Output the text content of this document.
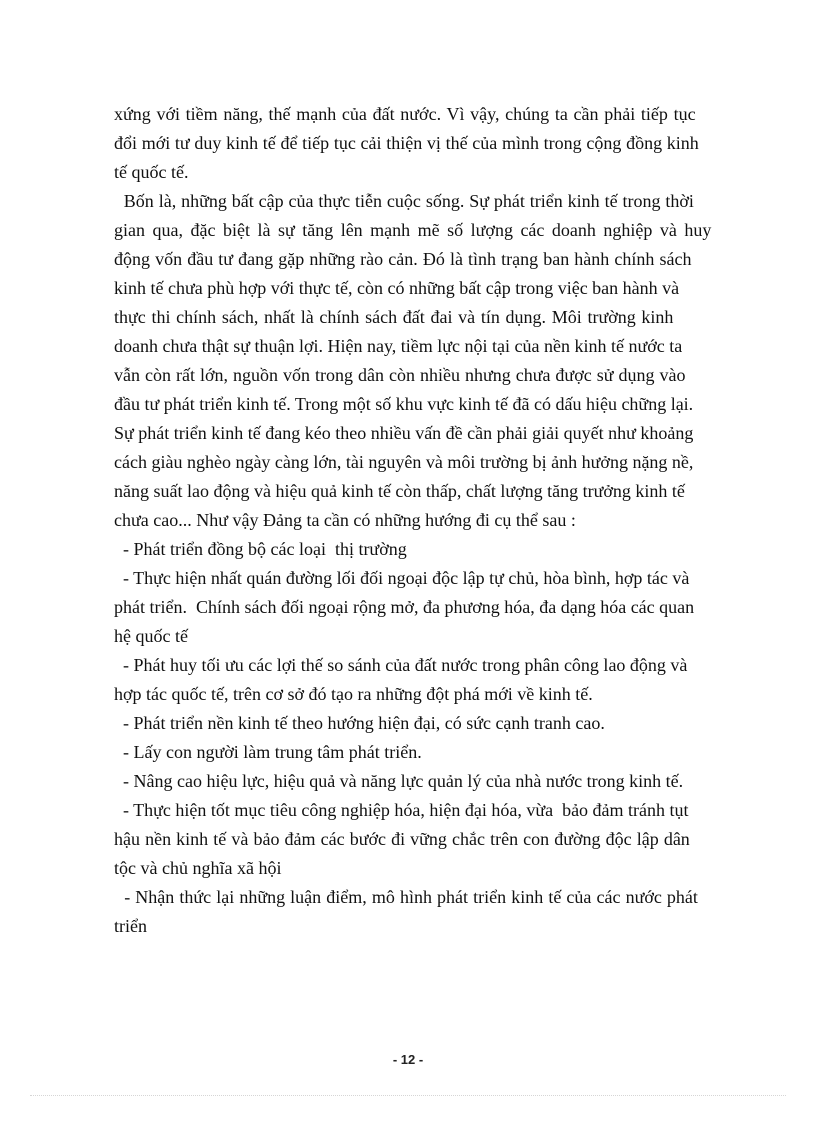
xứng với tiềm năng, thế mạnh của đất nước. Vì vậy, chúng ta cần phải tiếp tục
đổi mới tư duy kinh tế để tiếp tục cải thiện vị thế của mình trong cộng đồng kinh
tế quốc tế.
Bốn là, những bất cập của thực tiễn cuộc sống. Sự phát triển kinh tế trong thời
gian qua, đặc biệt là sự tăng lên mạnh mẽ số lượng các doanh nghiệp và huy
động vốn đầu tư đang gặp những rào cản. Đó là tình trạng ban hành chính sách
kinh tế chưa phù hợp với thực tế, còn có những bất cập trong việc ban hành và
thực thi chính sách, nhất là chính sách đất đai và tín dụng. Môi trường kinh
doanh chưa thật sự thuận lợi. Hiện nay, tiềm lực nội tại của nền kinh tế nước ta
vẫn còn rất lớn, nguồn vốn trong dân còn nhiều nhưng chưa được sử dụng vào
đầu tư phát triển kinh tế. Trong một số khu vực kinh tế đã có dấu hiệu chững lại.
Sự phát triển kinh tế đang kéo theo nhiều vấn đề cần phải giải quyết như khoảng
cách giàu nghèo ngày càng lớn, tài nguyên và môi trường bị ảnh hưởng nặng nề,
năng suất lao động và hiệu quả kinh tế còn thấp, chất lượng tăng trưởng kinh tế
chưa cao... Như vậy Đảng ta cần có những hướng đi cụ thể sau :
- Phát triển đồng bộ các loại  thị trường
- Thực hiện nhất quán đường lối đối ngoại độc lập tự chủ, hòa bình, hợp tác và
phát triển.  Chính sách đối ngoại rộng mở, đa phương hóa, đa dạng hóa các quan
hệ quốc tế
- Phát huy tối ưu các lợi thế so sánh của đất nước trong phân công lao động và
hợp tác quốc tế, trên cơ sở đó tạo ra những đột phá mới về kinh tế.
- Phát triển nền kinh tế theo hướng hiện đại, có sức cạnh tranh cao.
- Lấy con người làm trung tâm phát triển.
- Nâng cao hiệu lực, hiệu quả và năng lực quản lý của nhà nước trong kinh tế.
- Thực hiện tốt mục tiêu công nghiệp hóa, hiện đại hóa, vừa  bảo đảm tránh tụt
hậu nền kinh tế và bảo đảm các bước đi vững chắc trên con đường độc lập dân
tộc và chủ nghĩa xã hội
- Nhận thức lại những luận điểm, mô hình phát triển kinh tế của các nước phát
triển
- 12 -
